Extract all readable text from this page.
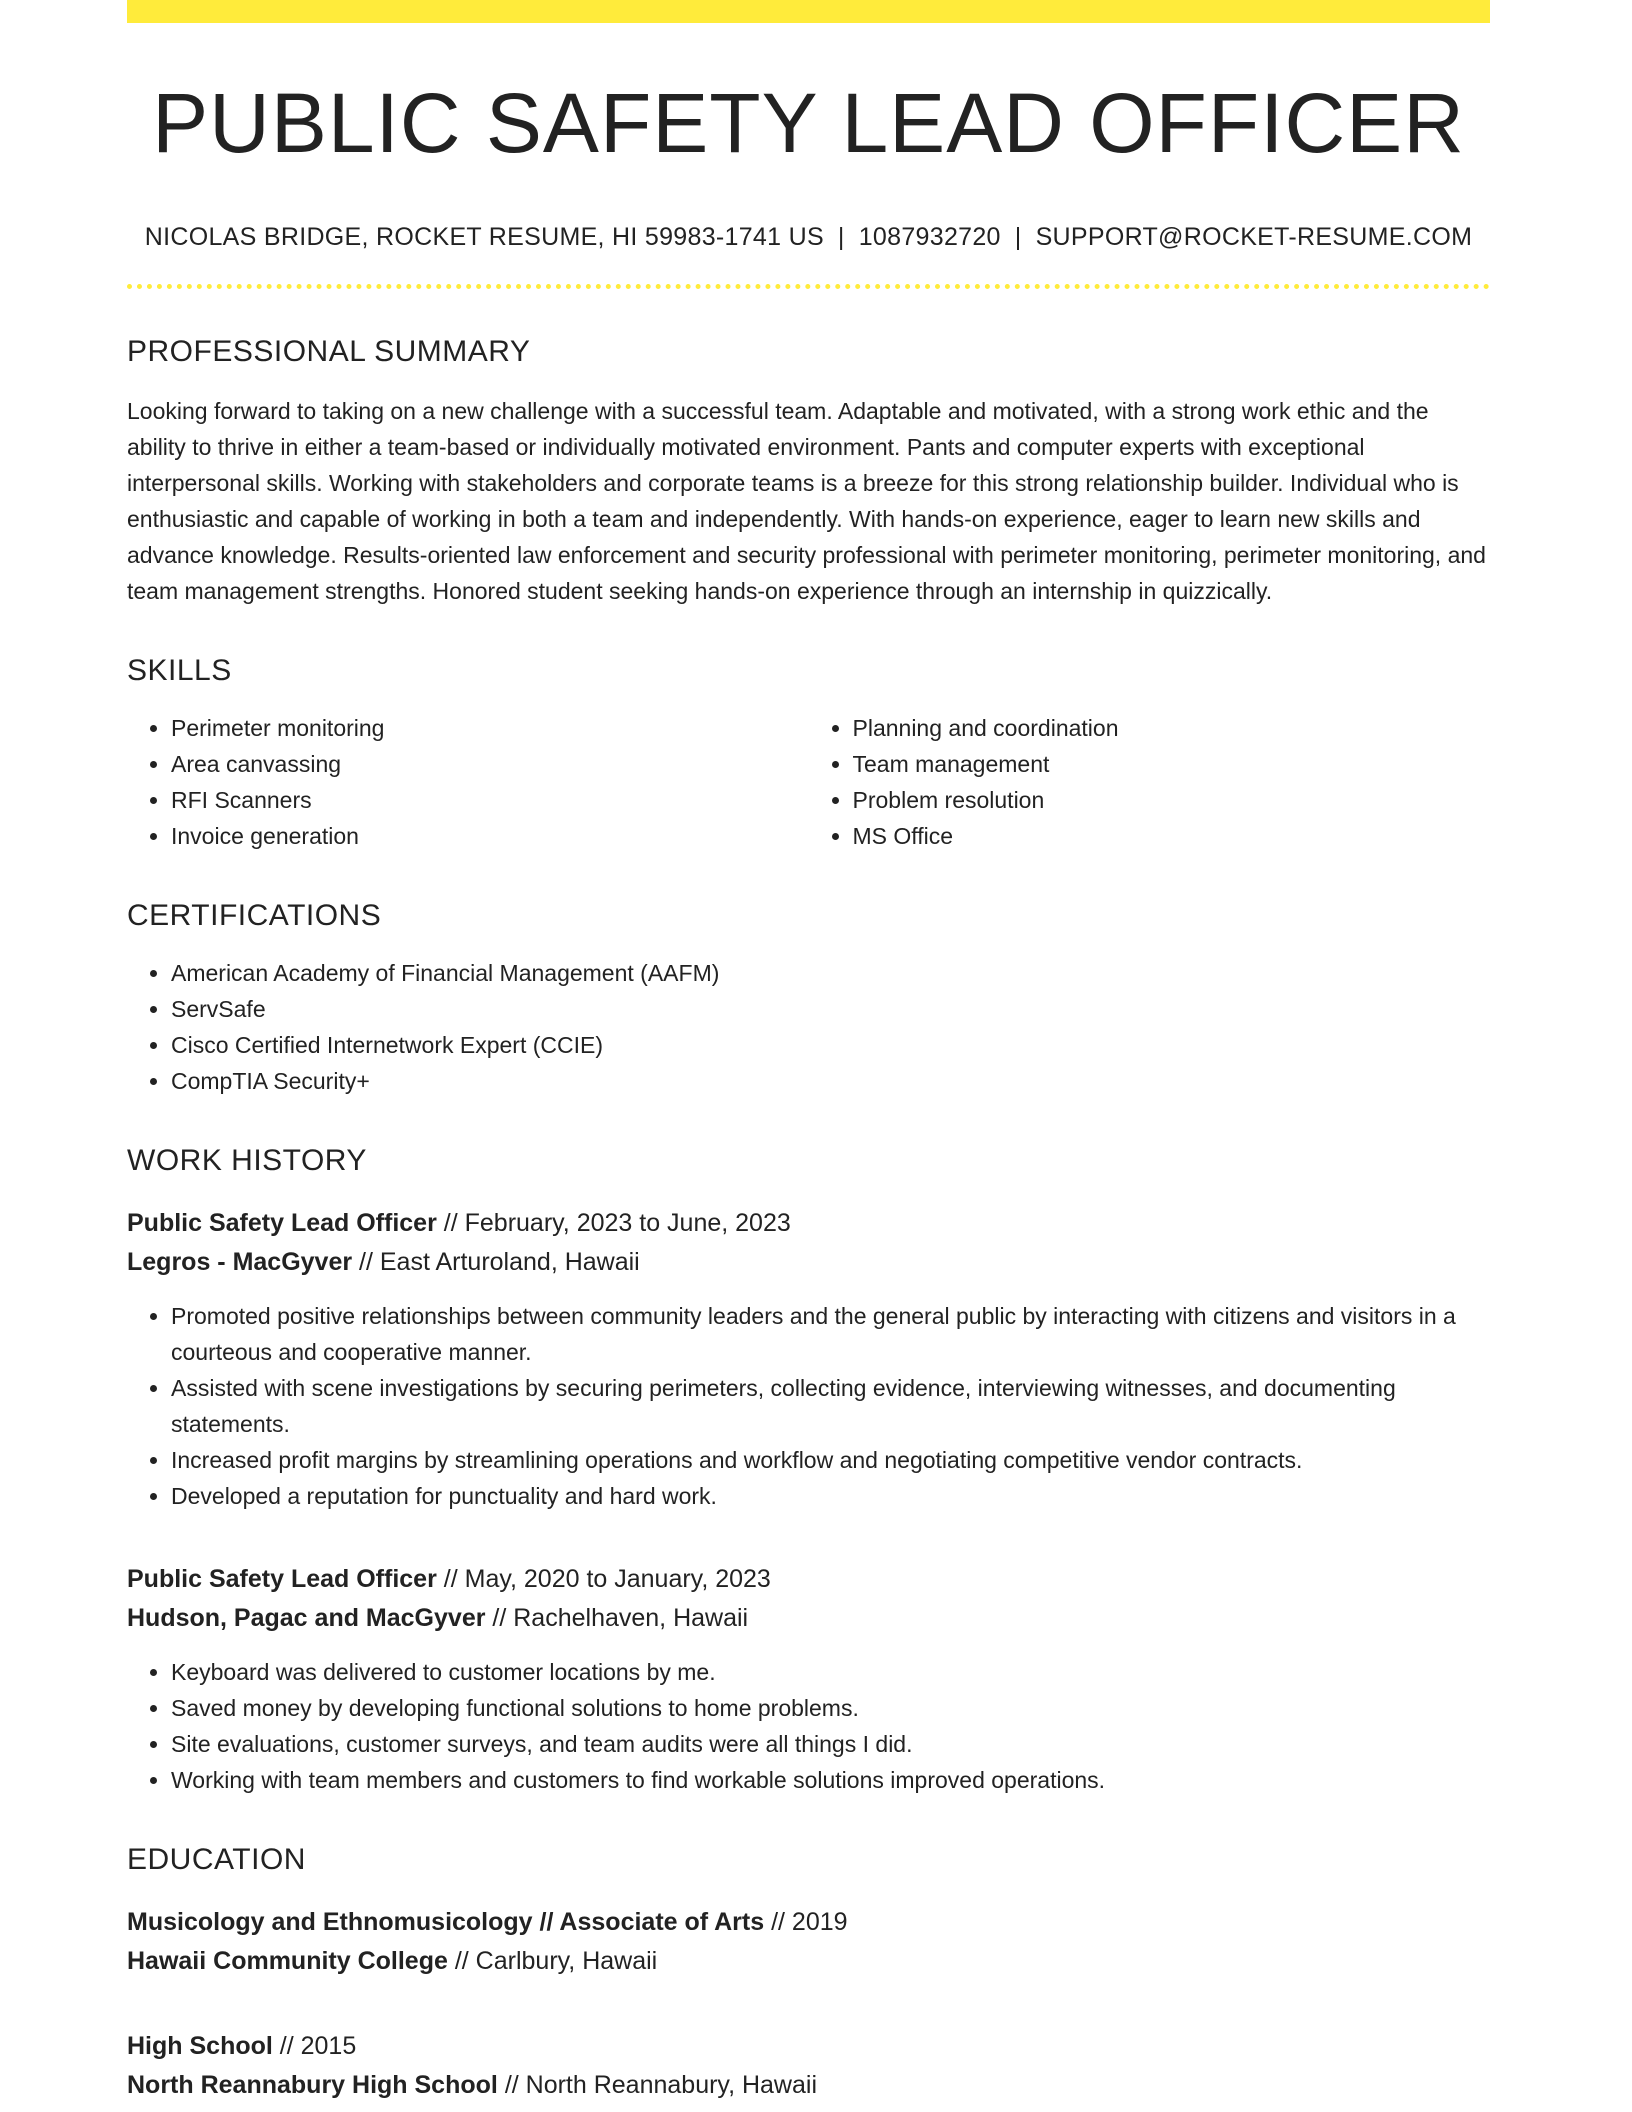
PUBLIC SAFETY LEAD OFFICER
NICOLAS BRIDGE, ROCKET RESUME, HI 59983-1741 US | 1087932720 | SUPPORT@ROCKET-RESUME.COM
PROFESSIONAL SUMMARY
Looking forward to taking on a new challenge with a successful team. Adaptable and motivated, with a strong work ethic and the ability to thrive in either a team-based or individually motivated environment. Pants and computer experts with exceptional interpersonal skills. Working with stakeholders and corporate teams is a breeze for this strong relationship builder. Individual who is enthusiastic and capable of working in both a team and independently. With hands-on experience, eager to learn new skills and advance knowledge. Results-oriented law enforcement and security professional with perimeter monitoring, perimeter monitoring, and team management strengths. Honored student seeking hands-on experience through an internship in quizzically.
SKILLS
• Perimeter monitoring
• Area canvassing
• RFI Scanners
• Invoice generation
• Planning and coordination
• Team management
• Problem resolution
• MS Office
CERTIFICATIONS
• American Academy of Financial Management (AAFM)
• ServSafe
• Cisco Certified Internetwork Expert (CCIE)
• CompTIA Security+
WORK HISTORY
Public Safety Lead Officer // February, 2023 to June, 2023
Legros - MacGyver // East Arturoland, Hawaii
• Promoted positive relationships between community leaders and the general public by interacting with citizens and visitors in a courteous and cooperative manner.
• Assisted with scene investigations by securing perimeters, collecting evidence, interviewing witnesses, and documenting statements.
• Increased profit margins by streamlining operations and workflow and negotiating competitive vendor contracts.
• Developed a reputation for punctuality and hard work.
Public Safety Lead Officer // May, 2020 to January, 2023
Hudson, Pagac and MacGyver // Rachelhaven, Hawaii
• Keyboard was delivered to customer locations by me.
• Saved money by developing functional solutions to home problems.
• Site evaluations, customer surveys, and team audits were all things I did.
• Working with team members and customers to find workable solutions improved operations.
EDUCATION
Musicology and Ethnomusicology // Associate of Arts // 2019
Hawaii Community College // Carlbury, Hawaii
High School // 2015
North Reannabury High School // North Reannabury, Hawaii
